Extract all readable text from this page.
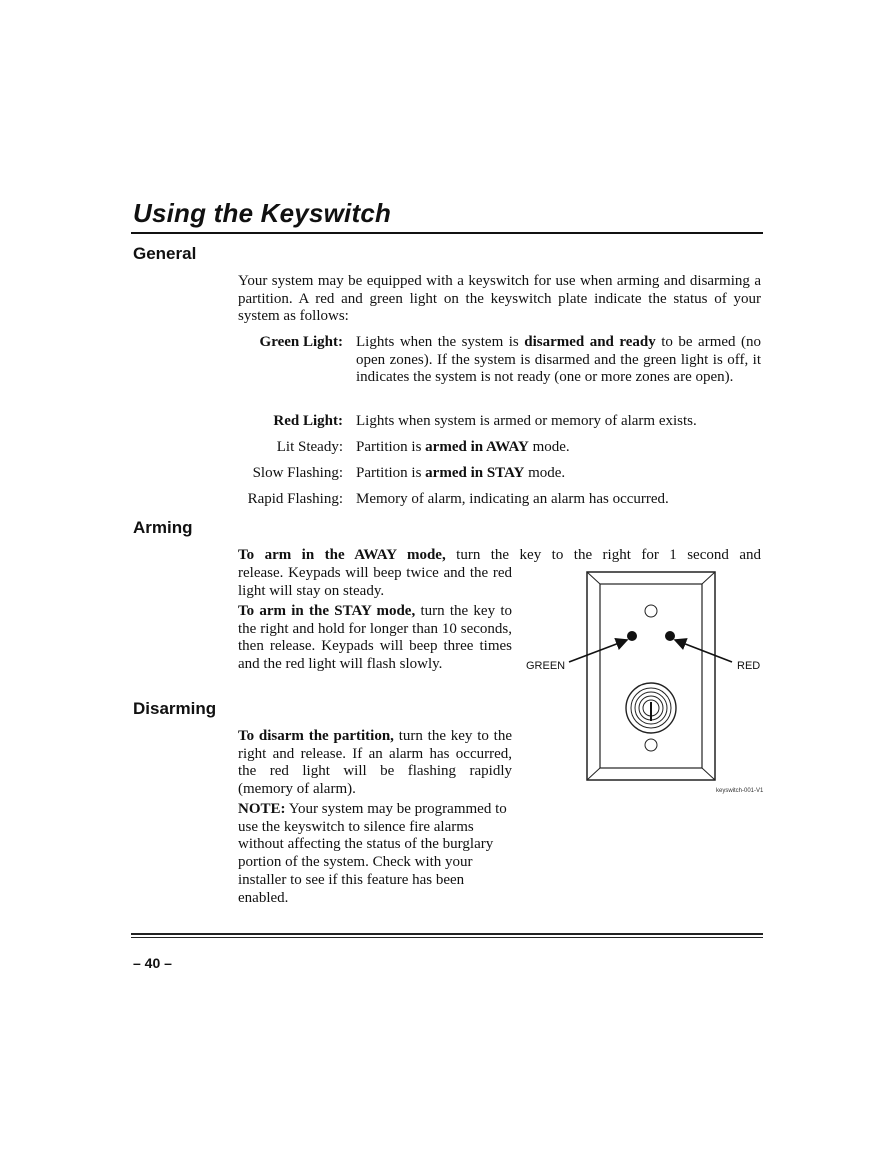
Using the Keyswitch
General
Your system may be equipped with a keyswitch for use when arming and disarming a partition. A red and green light on the keyswitch plate indicate the status of your system as follows:
Green Light: Lights when the system is disarmed and ready to be armed (no open zones). If the system is disarmed and the green light is off, it indicates the system is not ready (one or more zones are open).
Red Light: Lights when system is armed or memory of alarm exists.
Lit Steady: Partition is armed in AWAY mode.
Slow Flashing: Partition is armed in STAY mode.
Rapid Flashing: Memory of alarm, indicating an alarm has occurred.
Arming
To arm in the AWAY mode, turn the key to the right for 1 second and
release. Keypads will beep twice and the red light will stay on steady.
To arm in the STAY mode, turn the key to the right and hold for longer than 10 seconds, then release. Keypads will beep three times and the red light will flash slowly.
Disarming
To disarm the partition, turn the key to the right and release. If an alarm has occurred, the red light will be flashing rapidly (memory of alarm).
NOTE: Your system may be programmed to use the keyswitch to silence fire alarms without affecting the status of the burglary portion of the system. Check with your installer to see if this feature has been enabled.
GREEN	RED
keyswitch-001-V1
– 40 –
